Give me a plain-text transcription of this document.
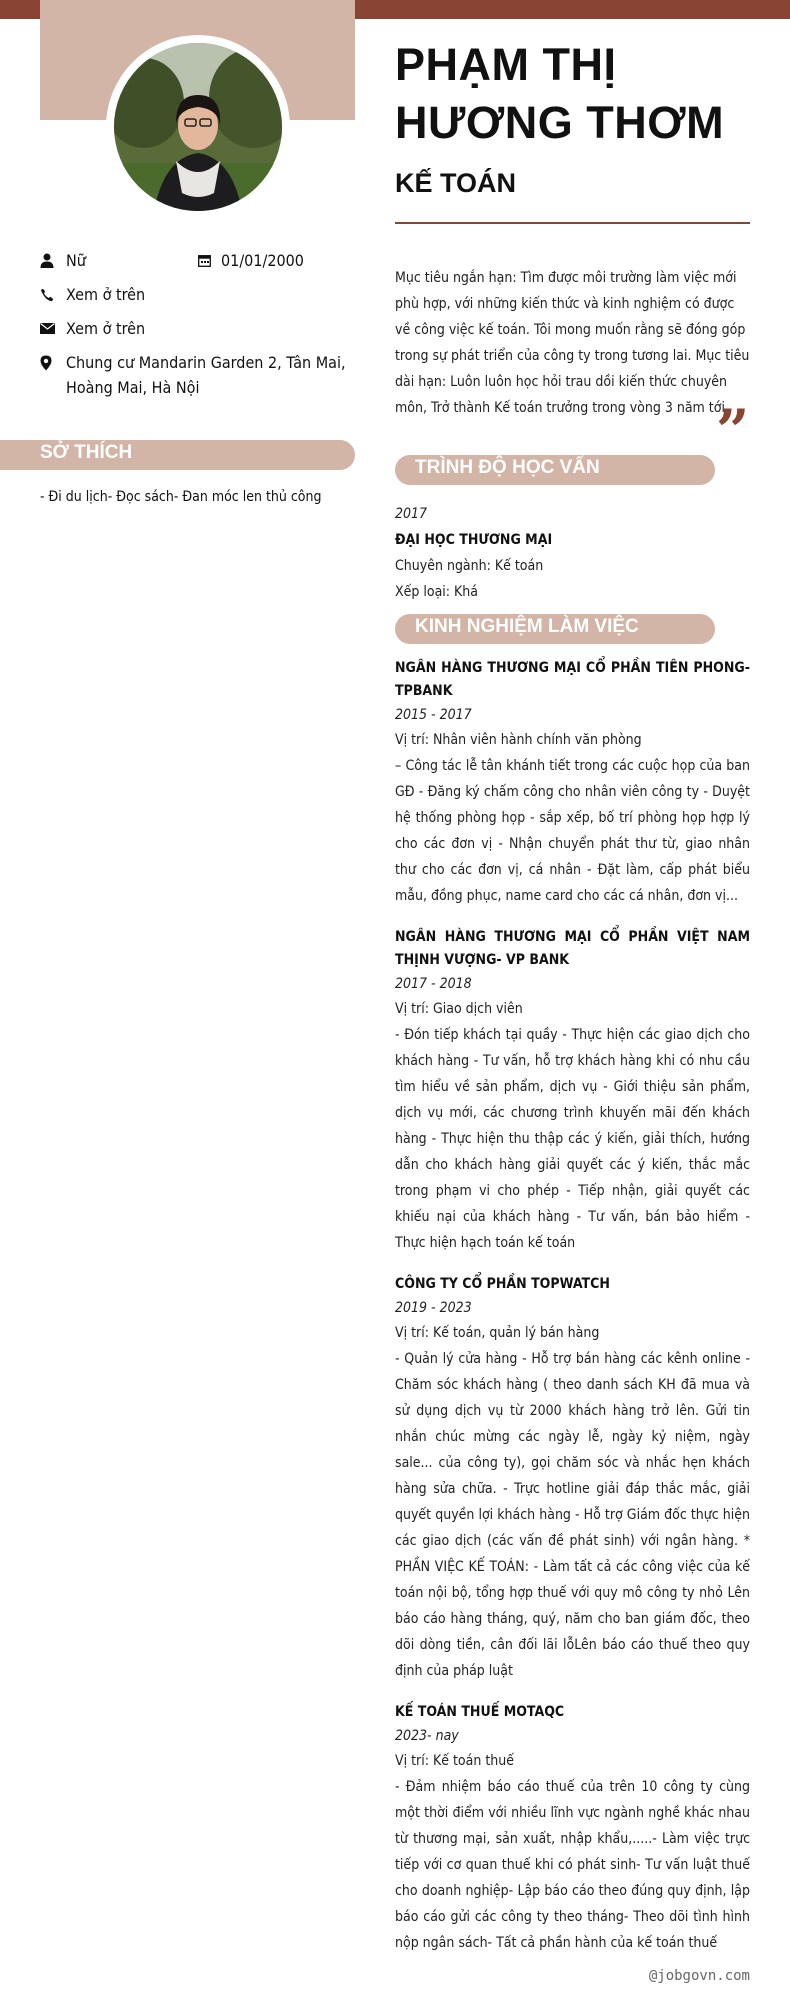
PHẠM THỊ HƯƠNG THƠM
KẾ TOÁN
Nữ	01/01/2000
Xem ở trên
Xem ở trên
Chung cư Mandarin Garden 2, Tân Mai, Hoàng Mai, Hà Nội
SỞ THÍCH
- Đi du lịch- Đọc sách- Đan móc len thủ công
Mục tiêu ngắn hạn: Tìm được môi trường làm việc mới phù hợp, với những kiến thức và kinh nghiệm có được về công việc kế toán. Tôi mong muốn rằng sẽ đóng góp trong sự phát triển của công ty trong tương lai. Mục tiêu dài hạn: Luôn luôn học hỏi trau dồi kiến thức chuyên môn, Trở thành Kế toán trưởng trong vòng 3 năm tới.
”
TRÌNH ĐỘ HỌC VẤN
2017
ĐẠI HỌC THƯƠNG MẠI
Chuyên ngành: Kế toán
Xếp loại: Khá
KINH NGHIỆM LÀM VIỆC
NGÂN HÀNG THƯƠNG MẠI CỔ PHẦN TIÊN PHONG- TPBANK
2015 - 2017
Vị trí: Nhân viên hành chính văn phòng
– Công tác lễ tân khánh tiết trong các cuộc họp của ban GĐ - Đăng ký chấm công cho nhân viên công ty - Duyệt hệ thống phòng họp - sắp xếp, bố trí phòng họp hợp lý cho các đơn vị - Nhận chuyển phát thư từ, giao nhân thư cho các đơn vị, cá nhân - Đặt làm, cấp phát biểu mẫu, đồng phục, name card cho các cá nhân, đơn vị...
NGÂN HÀNG THƯƠNG MẠI CỔ PHẦN VIỆT NAM THỊNH VƯỢNG- VP BANK
2017 - 2018
Vị trí: Giao dịch viên
- Đón tiếp khách tại quầy - Thực hiện các giao dịch cho khách hàng - Tư vấn, hỗ trợ khách hàng khi có nhu cầu tìm hiểu về sản phẩm, dịch vụ - Giới thiệu sản phẩm, dịch vụ mới, các chương trình khuyến mãi đến khách hàng - Thực hiện thu thập các ý kiến, giải thích, hướng dẫn cho khách hàng giải quyết các ý kiến, thắc mắc trong phạm vi cho phép - Tiếp nhận, giải quyết các khiếu nại của khách hàng - Tư vấn, bán bảo hiểm - Thực hiện hạch toán kế toán
CÔNG TY CỔ PHẦN TOPWATCH
2019 - 2023
Vị trí: Kế toán, quản lý bán hàng
- Quản lý cửa hàng - Hỗ trợ bán hàng các kênh online - Chăm sóc khách hàng ( theo danh sách KH đã mua và sử dụng dịch vụ từ 2000 khách hàng trở lên. Gửi tin nhắn chúc mừng các ngày lễ, ngày kỷ niệm, ngày sale... của công ty), gọi chăm sóc và nhắc hẹn khách hàng sửa chữa. - Trực hotline giải đáp thắc mắc, giải quyết quyền lợi khách hàng - Hỗ trợ Giám đốc thực hiện các giao dịch (các vấn đề phát sinh) với ngân hàng. * PHẦN VIỆC KẾ TOÁN: - Làm tất cả các công việc của kế toán nội bộ, tổng hợp thuế với quy mô công ty nhỏ Lên báo cáo hàng tháng, quý, năm cho ban giám đốc, theo dõi dòng tiền, cân đối lãi lỗLên báo cáo thuế theo quy định của pháp luật
KẾ TOÁN THUẾ MOTAQC
2023- nay
Vị trí: Kế toán thuế
- Đảm nhiệm báo cáo thuế của trên 10 công ty cùng một thời điểm với nhiều lĩnh vực ngành nghề khác nhau từ thương mại, sản xuất, nhập khẩu,.....- Làm việc trực tiếp với cơ quan thuế khi có phát sinh- Tư vấn luật thuế cho doanh nghiệp- Lập báo cáo theo đúng quy định, lập báo cáo gửi các công ty theo tháng- Theo dõi tình hình nộp ngân sách- Tất cả phần hành của kế toán thuế
@jobgovn.com
